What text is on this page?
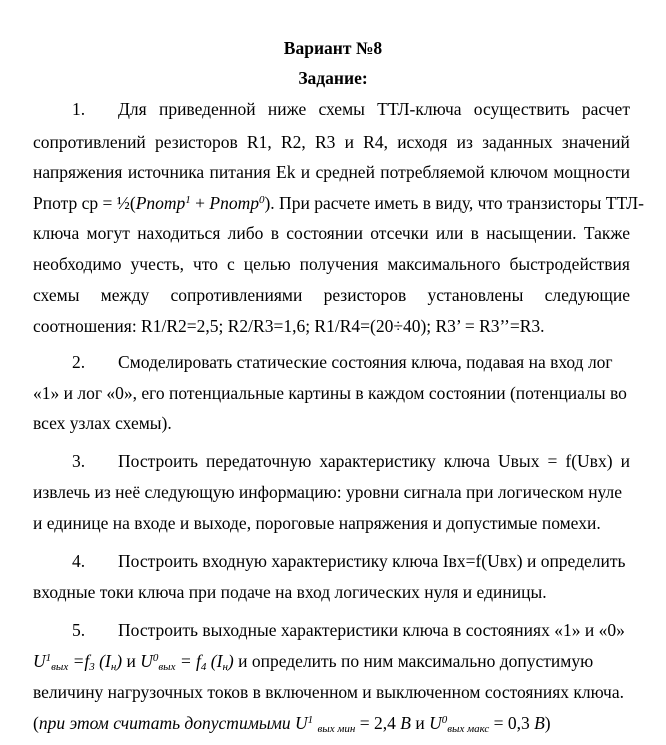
Вариант №8
Задание:
1. Для приведенной ниже схемы ТТЛ-ключа осуществить расчет
сопротивлений резисторов R1, R2, R3 и R4, исходя из заданных значений
напряжения источника питания Ek и средней потребляемой ключом мощности
Pпотр ср = ½(Pпотр$^1$ + Pпотр$^0$). При расчете иметь в виду, что транзисторы ТТЛ-
ключа могут находиться либо в состоянии отсечки или в насыщении. Также
необходимо учесть, что с целью получения максимального быстродействия
схемы между сопротивлениями резисторов установлены следующие
соотношения: R1/R2=2,5; R2/R3=1,6; R1/R4=(20÷40); R3’ = R3’’=R3.
2. Смоделировать статические состояния ключа, подавая на вход лог
«1» и лог «0», его потенциальные картины в каждом состоянии (потенциалы во
всех узлах схемы).
3. Построить передаточную характеристику ключа Uвых = f(Uвх) и
извлечь из неё следующую информацию: уровни сигнала при логическом нуле
и единице на входе и выходе, пороговые напряжения и допустимые помехи.
4. Построить входную характеристику ключа Iвх=f(Uвх) и определить
входные токи ключа при подаче на вход логических нуля и единицы.
5. Построить выходные характеристики ключа в состояниях «1» и «0»
$U^1_{вых} =f_3$ $(I_н)$ и $U^0_{вых} = f_4$ $(I_н)$ и определить по ним максимально допустимую
величину нагрузочных токов в включенном и выключенном состояниях ключа.
(при этом считать допустимыми $U^1$ $_{вых мин}$ = 2,4 В и $U^0_{вых макс} = 0,3$ В)
